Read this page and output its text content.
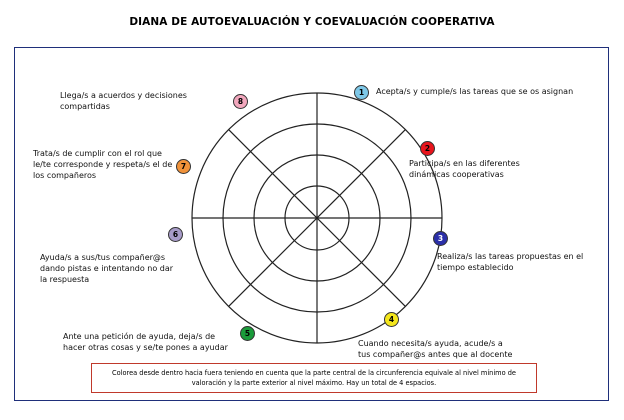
DIANA DE AUTOEVALUACIÓN Y COEVALUACIÓN COOPERATIVA
1	Acepta/s y cumple/s las tareas que se os asignan
2
Participa/s en las diferentes dinámicas cooperativas
3
Realiza/s las tareas propuestas en el tiempo establecido
4
Cuando necesita/s ayuda, acude/s a tus compañer@s antes que al docente
5
Ante una petición de ayuda, deja/s de hacer otras cosas y se/te pones a ayudar
6
Ayuda/s a sus/tus compañer@s dando pistas e intentando no dar la respuesta
7
Trata/s de cumplir con el rol que le/te corresponde y respeta/s el de los compañeros
8
Llega/s a acuerdos y decisiones compartidas
Colorea desde dentro hacia fuera teniendo en cuenta que la parte central de la circunferencia equivale al nivel mínimo de valoración y la parte exterior al nivel máximo. Hay un total de 4 espacios.
